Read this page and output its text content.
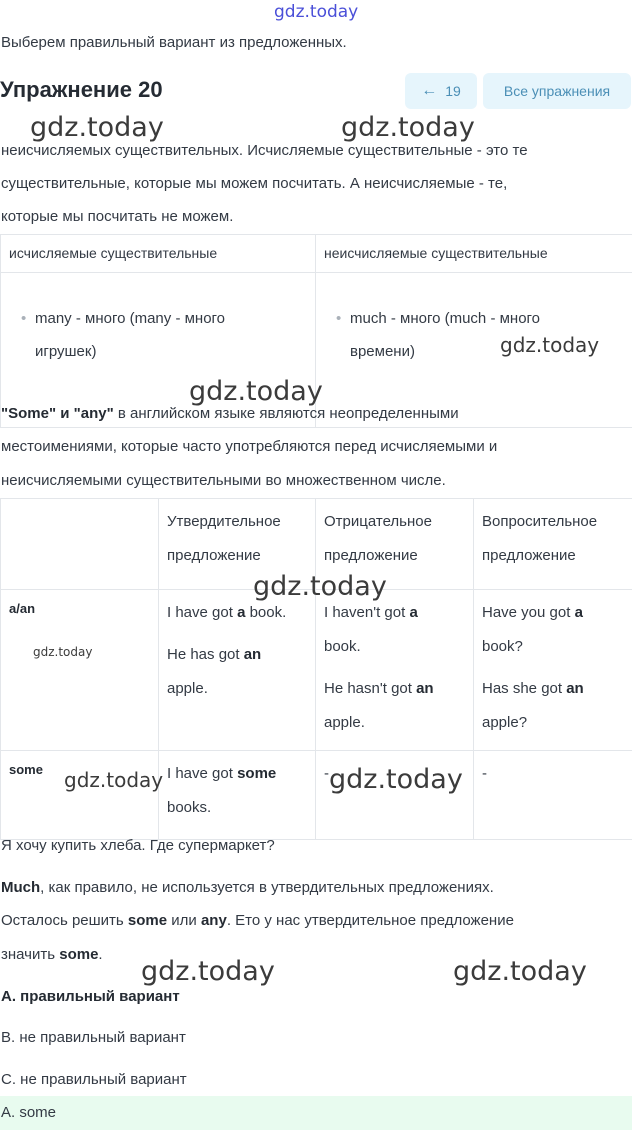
gdz.today
gdz.today	gdz.today
gdz.today
gdz.today
gdz.today
gdz.today
gdz.today	gdz.today
gdz.today	gdz.today

Выберем правильный вариант из предложенных.

Упражнение 20	← 19	Все упражнения

неисчисляемых существительных. Исчисляемые существительные - это те

существительные, которые мы можем посчитать. А неисчисляемые - те,

которые мы посчитать не можем.

исчисляемые существительные	неисчисляемые существительные

• many - много (many - много
игрушек)	• much - много (much - много
времени)

"Some" и "any" в английском языке являются неопределенными

местоимениями, которые часто употребляются перед исчисляемыми и

неисчисляемыми существительными во множественном числе.

	Утвердительное
предложение	Отрицательное
предложение	Вопросительное
предложение

a/an	I have got a book.
He has got an
apple.	I haven't got a
book.
He hasn't got an
apple.	Have you got a
book?
Has she got an
apple?

some	I have got some
books.	-	-

Я хочу купить хлеба. Где супермаркет?

Much, как правило, не используется в утвердительных предложениях.

Осталось решить some или any. Ето у нас утвердительное предложение

значить some.

А. правильный вариант

В. не правильный вариант

С. не правильный вариант

A. some
